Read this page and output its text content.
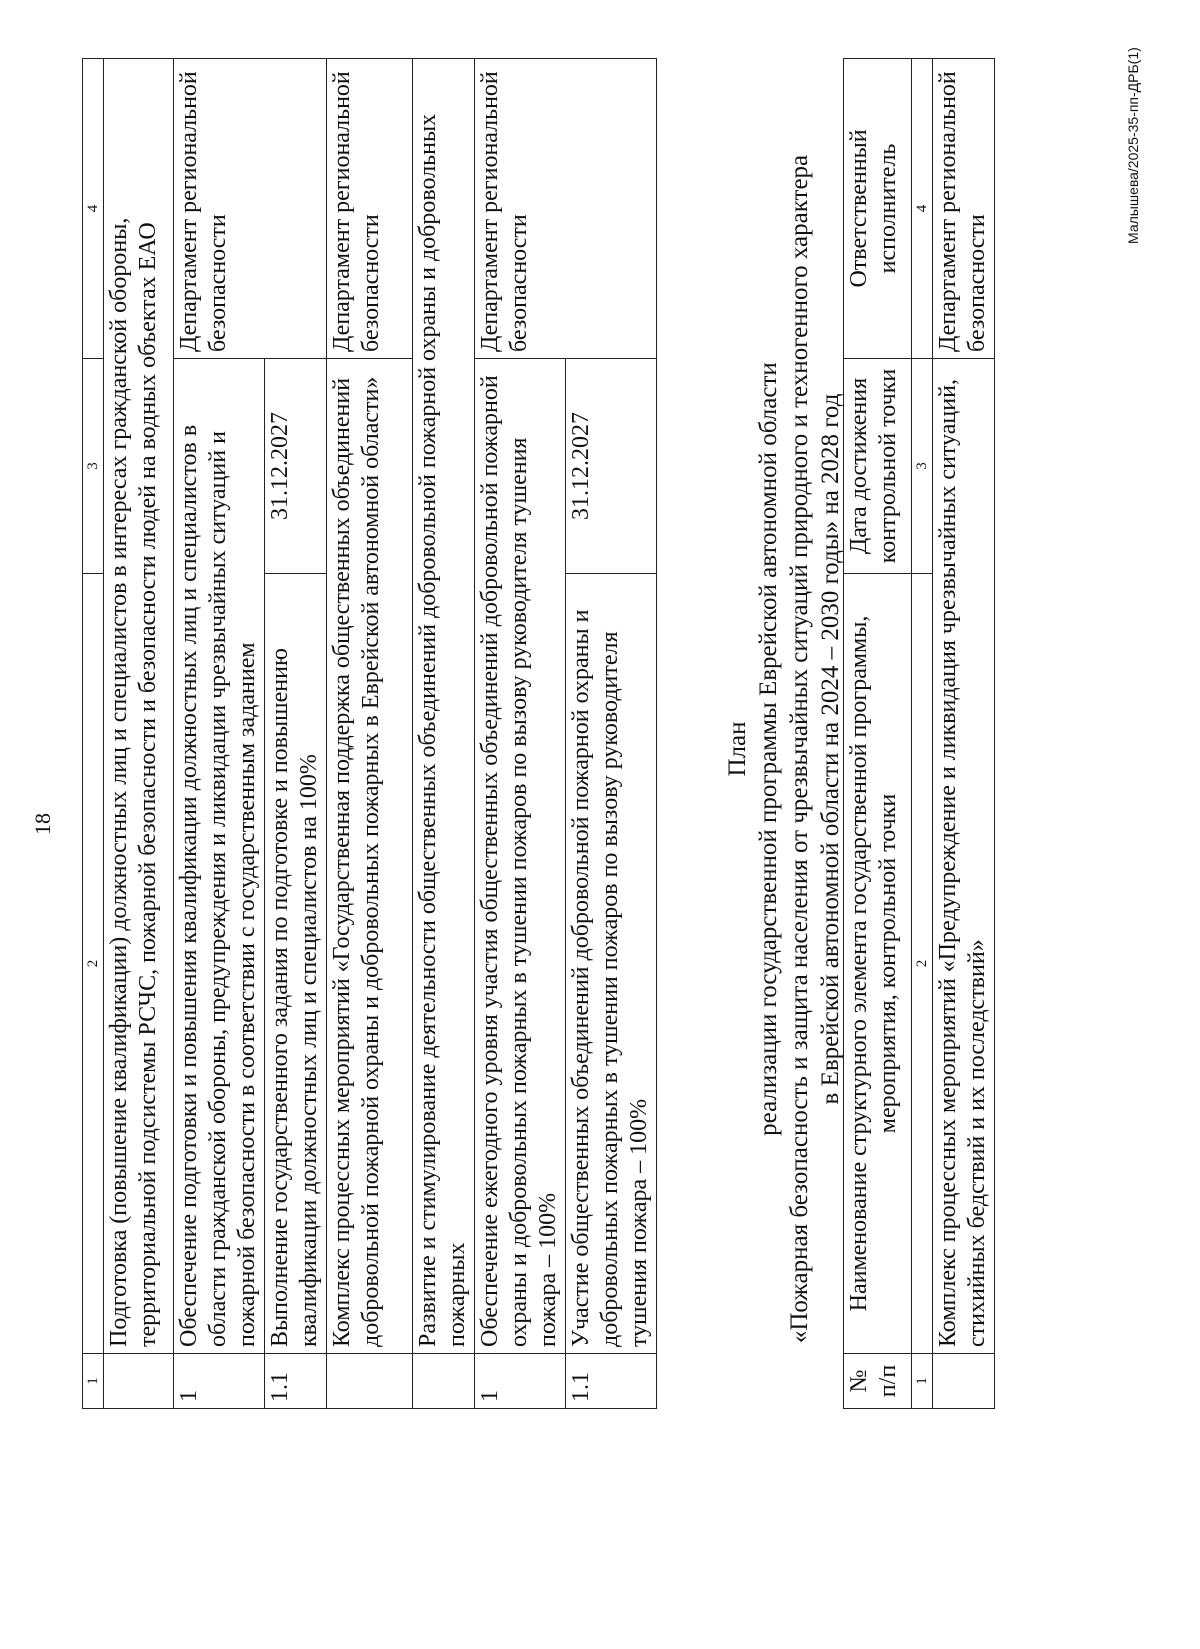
18
1	2	3	4
	Подготовка (повышение квалификации) должностных лиц и специалистов в интересах гражданской обороны, территориальной подсистемы РСЧС, пожарной безопасности и безопасности людей на водных объектах ЕАО		
1	Обеспечение подготовки и повышения квалификации должностных лиц и специалистов в области гражданской обороны, предупреждения и ликвидации чрезвычайных ситуаций и пожарной безопасности в соответствии с государственным заданием		Департамент региональной безопасности
1.1	Выполнение государственного задания по подготовке и повышению квалификации должностных лиц и специалистов на 100%	31.12.2027	
	Комплекс процессных мероприятий «Государственная поддержка общественных объединений добровольной пожарной охраны и добровольных пожарных в Еврейской автономной области»		Департамент региональной безопасности
	Развитие и стимулирование деятельности общественных объединений добровольной пожарной охраны и добровольных пожарных		
1	Обеспечение ежегодного уровня участия общественных объединений добровольной пожарной охраны и добровольных пожарных в тушении пожаров по вызову руководителя тушения пожара – 100%		Департамент региональной безопасности
1.1	Участие общественных объединений добровольной пожарной охраны и добровольных пожарных в тушении пожаров по вызову руководителя тушения пожара – 100%	31.12.2027	
План реализации государственной программы Еврейской автономной области «Пожарная безопасность и защита населения от чрезвычайных ситуаций природного и техногенного характера в Еврейской автономной области на 2024 – 2030 годы» на 2028 год
№ п/п	Наименование структурного элемента государственной программы, мероприятия, контрольной точки	Дата достижения контрольной точки	Ответственный исполнитель
1	2	3	4
	Комплекс процессных мероприятий «Предупреждение и ликвидация чрезвычайных ситуаций, стихийных бедствий и их последствий»		Департамент региональной безопасности
Малышева/2025-35-пп-ДРБ(1)
